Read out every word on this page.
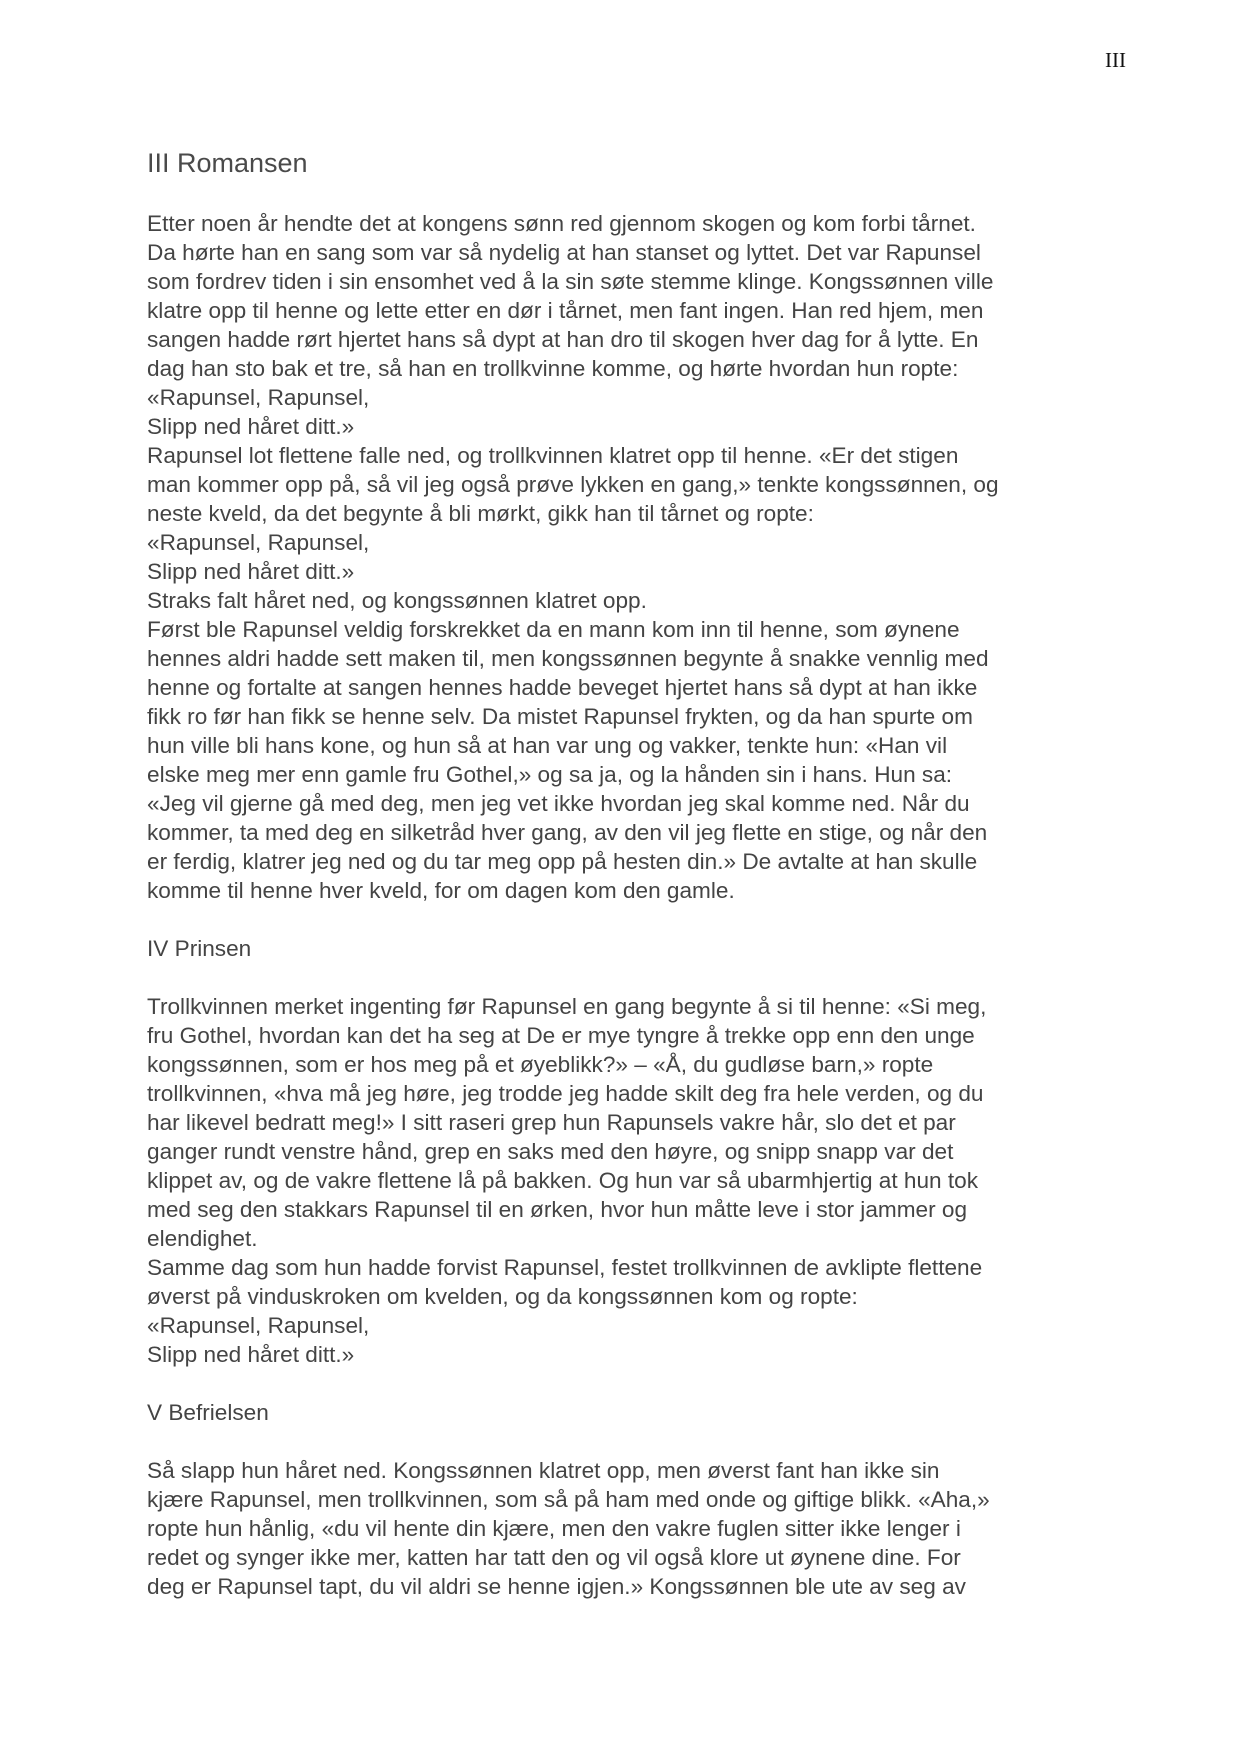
III
III Romansen
Etter noen år hendte det at kongens sønn red gjennom skogen og kom forbi tårnet.
Da hørte han en sang som var så nydelig at han stanset og lyttet. Det var Rapunsel
som fordrev tiden i sin ensomhet ved å la sin søte stemme klinge. Kongssønnen ville
klatre opp til henne og lette etter en dør i tårnet, men fant ingen. Han red hjem, men
sangen hadde rørt hjertet hans så dypt at han dro til skogen hver dag for å lytte. En
dag han sto bak et tre, så han en trollkvinne komme, og hørte hvordan hun ropte:
«Rapunsel, Rapunsel,
Slipp ned håret ditt.»
Rapunsel lot flettene falle ned, og trollkvinnen klatret opp til henne. «Er det stigen
man kommer opp på, så vil jeg også prøve lykken en gang,» tenkte kongssønnen, og
neste kveld, da det begynte å bli mørkt, gikk han til tårnet og ropte:
«Rapunsel, Rapunsel,
Slipp ned håret ditt.»
Straks falt håret ned, og kongssønnen klatret opp.
Først ble Rapunsel veldig forskrekket da en mann kom inn til henne, som øynene
hennes aldri hadde sett maken til, men kongssønnen begynte å snakke vennlig med
henne og fortalte at sangen hennes hadde beveget hjertet hans så dypt at han ikke
fikk ro før han fikk se henne selv. Da mistet Rapunsel frykten, og da han spurte om
hun ville bli hans kone, og hun så at han var ung og vakker, tenkte hun: «Han vil
elske meg mer enn gamle fru Gothel,» og sa ja, og la hånden sin i hans. Hun sa:
«Jeg vil gjerne gå med deg, men jeg vet ikke hvordan jeg skal komme ned. Når du
kommer, ta med deg en silketråd hver gang, av den vil jeg flette en stige, og når den
er ferdig, klatrer jeg ned og du tar meg opp på hesten din.» De avtalte at han skulle
komme til henne hver kveld, for om dagen kom den gamle.
IV Prinsen
Trollkvinnen merket ingenting før Rapunsel en gang begynte å si til henne: «Si meg,
fru Gothel, hvordan kan det ha seg at De er mye tyngre å trekke opp enn den unge
kongssønnen, som er hos meg på et øyeblikk?» – «Å, du gudløse barn,» ropte
trollkvinnen, «hva må jeg høre, jeg trodde jeg hadde skilt deg fra hele verden, og du
har likevel bedratt meg!» I sitt raseri grep hun Rapunsels vakre hår, slo det et par
ganger rundt venstre hånd, grep en saks med den høyre, og snipp snapp var det
klippet av, og de vakre flettene lå på bakken. Og hun var så ubarmhjertig at hun tok
med seg den stakkars Rapunsel til en ørken, hvor hun måtte leve i stor jammer og
elendighet.
Samme dag som hun hadde forvist Rapunsel, festet trollkvinnen de avklipte flettene
øverst på vinduskroken om kvelden, og da kongssønnen kom og ropte:
«Rapunsel, Rapunsel,
Slipp ned håret ditt.»
V Befrielsen
Så slapp hun håret ned. Kongssønnen klatret opp, men øverst fant han ikke sin
kjære Rapunsel, men trollkvinnen, som så på ham med onde og giftige blikk. «Aha,»
ropte hun hånlig, «du vil hente din kjære, men den vakre fuglen sitter ikke lenger i
redet og synger ikke mer, katten har tatt den og vil også klore ut øynene dine. For
deg er Rapunsel tapt, du vil aldri se henne igjen.» Kongssønnen ble ute av seg av
